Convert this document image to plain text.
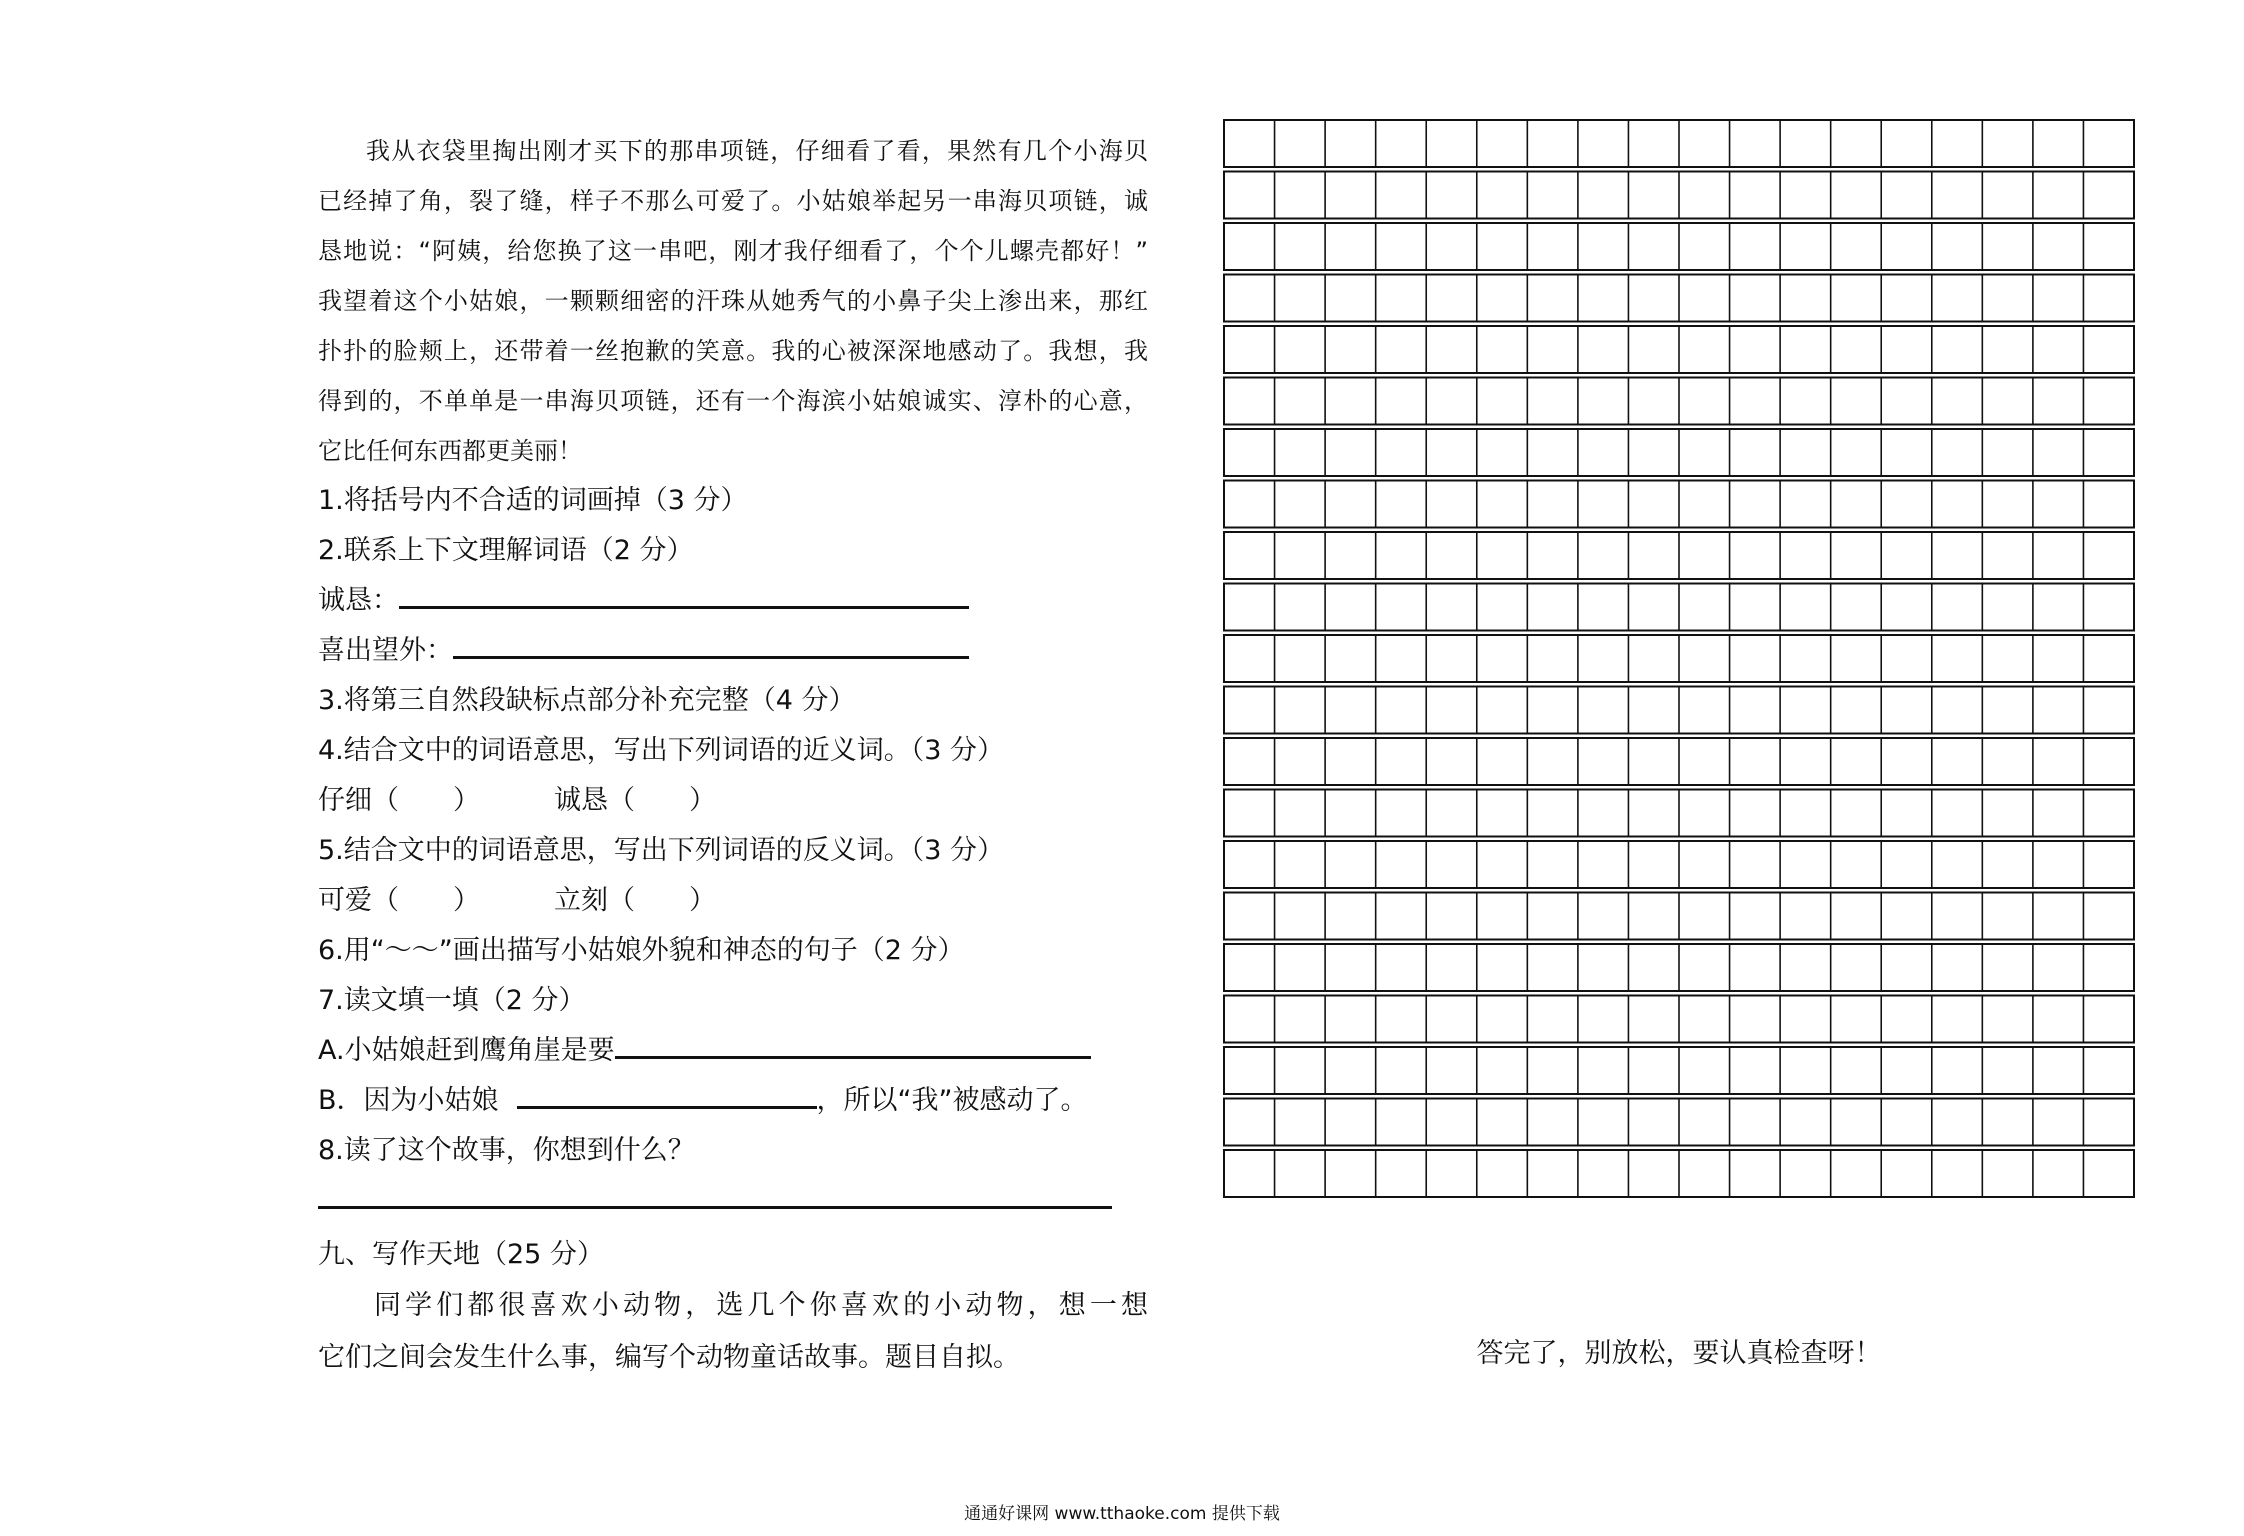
我从衣袋里掏出刚才买下的那串项链，仔细看了看，果然有几个小海贝

已经掉了角，裂了缝，样子不那么可爱了。小姑娘举起另一串海贝项链，诚

恳地说：“阿姨，给您换了这一串吧，刚才我仔细看了，个个儿螺壳都好！”

我望着这个小姑娘，一颗颗细密的汗珠从她秀气的小鼻子尖上渗出来，那红

扑扑的脸颊上，还带着一丝抱歉的笑意。我的心被深深地感动了。我想，我

得到的，不单单是一串海贝项链，还有一个海滨小姑娘诚实、淳朴的心意，

它比任何东西都更美丽！

1.将括号内不合适的词画掉（3 分）
2.联系上下文理解词语（2 分）
诚恳：
喜出望外：
3.将第三自然段缺标点部分补充完整（4 分）
4.结合文中的词语意思，写出下列词语的近义词。（3 分）
仔细（ ）	诚恳（ ）
5.结合文中的词语意思，写出下列词语的反义词。（3 分）
可爱（ ）	立刻（ ）
6.用“～～”画出描写小姑娘外貌和神态的句子（2 分）
7.读文填一填（2 分）
A.小姑娘赶到鹰角崖是要
B．因为小姑娘	，所以“我”被感动了。
8.读了这个故事，你想到什么？
九、写作天地（25 分）

同学们都很喜欢小动物，选几个你喜欢的小动物，想一想

它们之间会发生什么事，编写个动物童话故事。题目自拟。	答完了，别放松，要认真检查呀！
通通好课网 www.tthaoke.com 提供下载
